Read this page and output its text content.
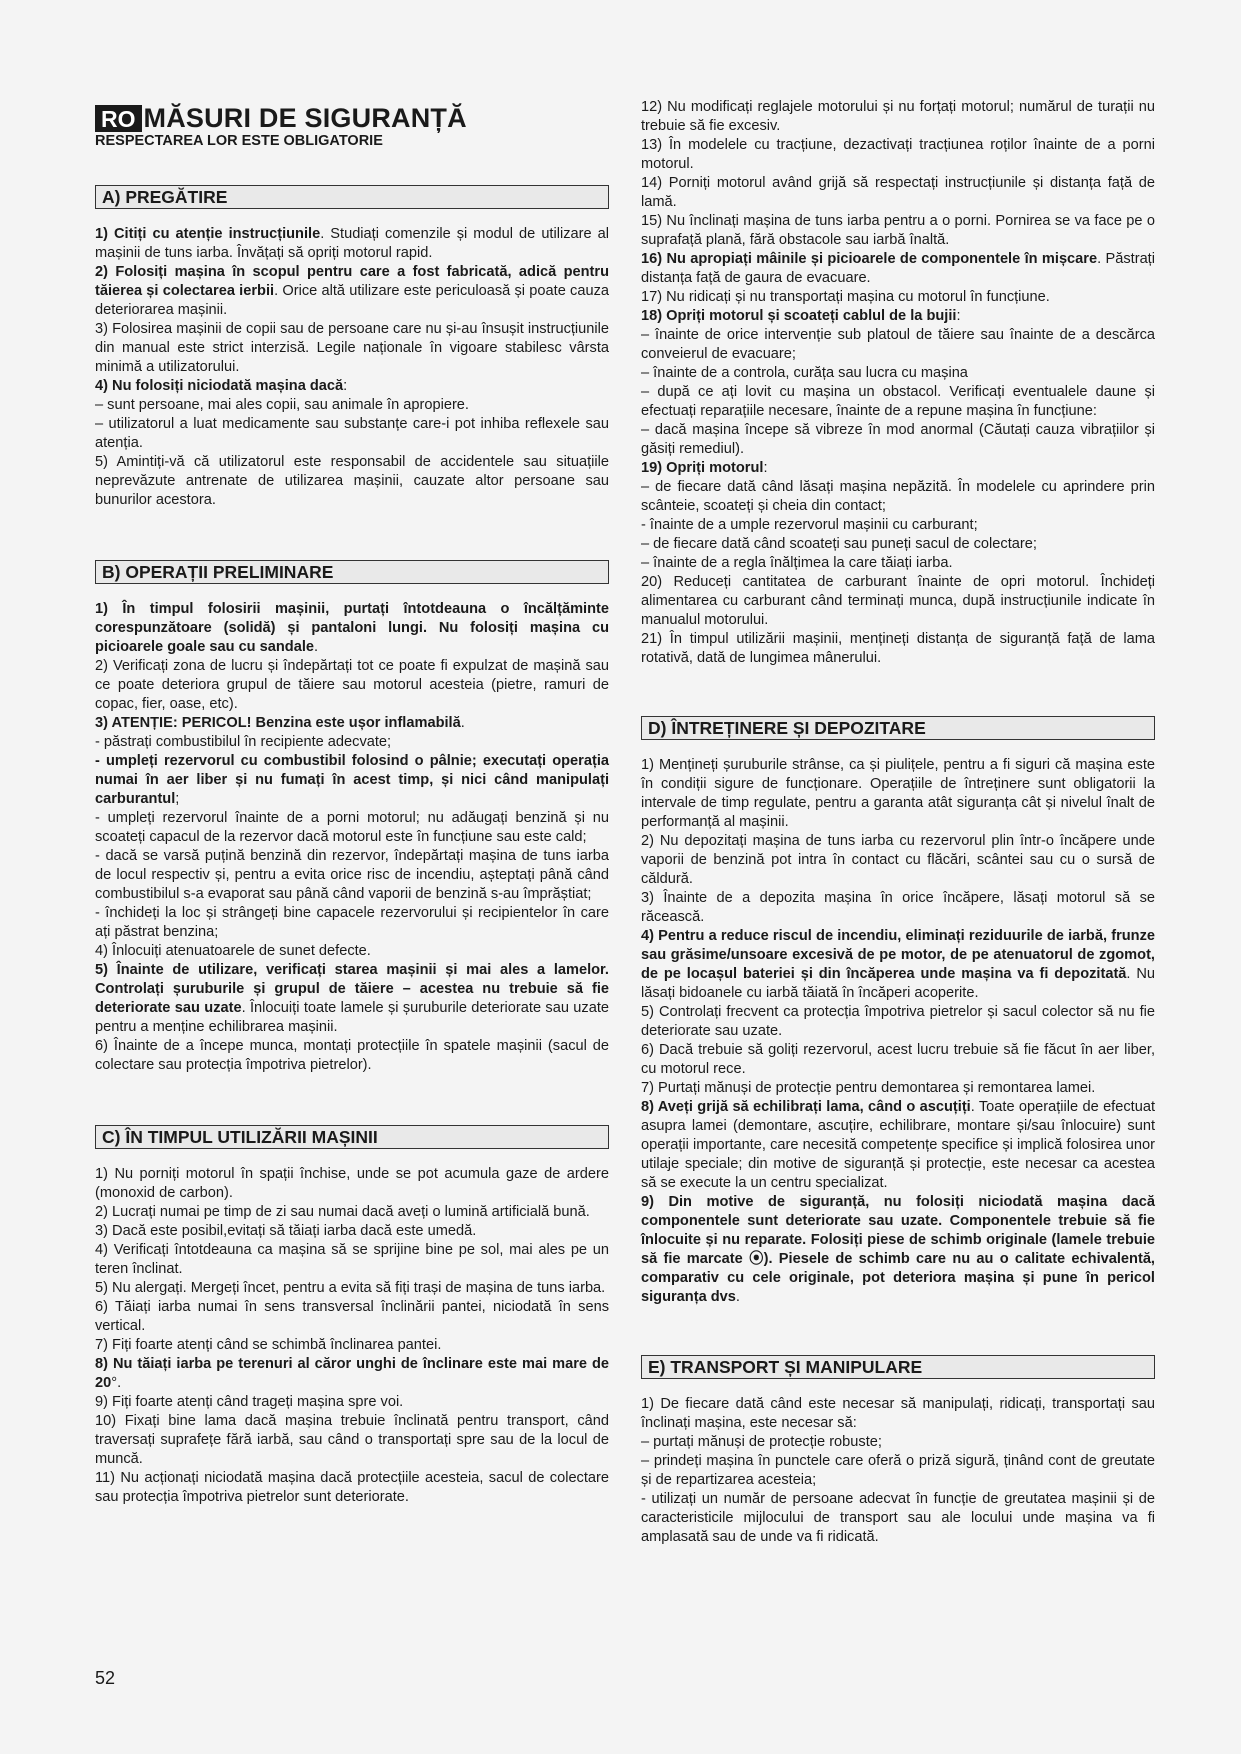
RO MĂSURI DE SIGURANȚĂ
RESPECTAREA LOR ESTE OBLIGATORIE
A) PREGĂTIRE

1) Citiți cu atenție instrucțiunile. Studiați comenzile și modul de utilizare al mașinii de tuns iarba. Învățați să opriți motorul rapid.

2) Folosiți mașina în scopul pentru care a fost fabricată, adică pentru tăierea și colectarea ierbii. Orice altă utilizare este periculoasă și poate cauza deteriorarea mașinii.

3) Folosirea mașinii de copii sau de persoane care nu și-au însușit instrucțiunile din manual este strict interzisă. Legile naționale în vigoare stabilesc vârsta minimă a utilizatorului.

4) Nu folosiți niciodată mașina dacă:

– sunt persoane, mai ales copii, sau animale în apropiere.

– utilizatorul a luat medicamente sau substanțe care-i pot inhiba reflexele sau atenția.

5) Amintiți-vă că utilizatorul este responsabil de accidentele sau situațiile neprevăzute antrenate de utilizarea mașinii, cauzate altor persoane sau bunurilor acestora.

B) OPERAȚII PRELIMINARE

1) În timpul folosirii mașinii, purtați întotdeauna o încălțăminte corespunzătoare (solidă) și pantaloni lungi. Nu folosiți mașina cu picioarele goale sau cu sandale.

2) Verificați zona de lucru și îndepărtați tot ce poate fi expulzat de mașină sau ce poate deteriora grupul de tăiere sau motorul acesteia (pietre, ramuri de copac, fier, oase, etc).

3) ATENȚIE: PERICOL! Benzina este ușor inflamabilă.

- păstrați combustibilul în recipiente adecvate;

- umpleți rezervorul cu combustibil folosind o pâlnie; executați operația numai în aer liber și nu fumați în acest timp, și nici când manipulați carburantul;

- umpleți rezervorul înainte de a porni motorul; nu adăugați benzină și nu scoateți capacul de la rezervor dacă motorul este în funcțiune sau este cald;

- dacă se varsă puțină benzină din rezervor, îndepărtați mașina de tuns iarba de locul respectiv și, pentru a evita orice risc de incendiu, așteptați până când combustibilul s-a evaporat sau până când vaporii de benzină s-au împrăștiat;

- închideți la loc și strângeți bine capacele rezervorului și recipientelor în care ați păstrat benzina;

4) Înlocuiți atenuatoarele de sunet defecte.

5) Înainte de utilizare, verificați starea mașinii și mai ales a lamelor. Controlați șuruburile și grupul de tăiere – acestea nu trebuie să fie deteriorate sau uzate. Înlocuiți toate lamele și șuruburile deteriorate sau uzate pentru a menține echilibrarea mașinii.

6) Înainte de a începe munca, montați protecțiile în spatele mașinii (sacul de colectare sau protecția împotriva pietrelor).

C) ÎN TIMPUL UTILIZĂRII MAȘINII

1) Nu porniți motorul în spații închise, unde se pot acumula gaze de ardere (monoxid de carbon).

2) Lucrați numai pe timp de zi sau numai dacă aveți o lumină artificială bună.

3) Dacă este posibil,evitați să tăiați iarba dacă este umedă.

4) Verificați întotdeauna ca mașina să se sprijine bine pe sol, mai ales pe un teren înclinat.

5) Nu alergați. Mergeți încet, pentru a evita să fiți trași de mașina de tuns iarba.

6) Tăiați iarba numai în sens transversal înclinării pantei, niciodată în sens vertical.

7) Fiți foarte atenți când se schimbă înclinarea pantei.

8) Nu tăiați iarba pe terenuri al căror unghi de înclinare este mai mare de 20°.

9) Fiți foarte atenți când trageți mașina spre voi.

10) Fixați bine lama dacă mașina trebuie înclinată pentru transport, când traversați suprafețe fără iarbă, sau când o transportați spre sau de la locul de muncă.

11) Nu acționați niciodată mașina dacă protecțiile acesteia, sacul de colectare sau protecția împotriva pietrelor sunt deteriorate.

12) Nu modificați reglajele motorului și nu forțați motorul; numărul de turații nu trebuie să fie excesiv.

13) În modelele cu tracțiune, dezactivați tracțiunea roților înainte de a porni motorul.

14) Porniți motorul având grijă să respectați instrucțiunile și distanța față de lamă.

15) Nu înclinați mașina de tuns iarba pentru a o porni. Pornirea se va face pe o suprafață plană, fără obstacole sau iarbă înaltă.

16) Nu apropiați mâinile și picioarele de componentele în mișcare. Păstrați distanța față de gaura de evacuare.

17) Nu ridicați și nu transportați mașina cu motorul în funcțiune.

18) Opriți motorul și scoateți cablul de la bujii:

– înainte de orice intervenție sub platoul de tăiere sau înainte de a descărca conveierul de evacuare;

– înainte de a controla, curăța sau lucra cu mașina

– după ce ați lovit cu mașina un obstacol. Verificați eventualele daune și efectuați reparațiile necesare, înainte de a repune mașina în funcțiune:

– dacă mașina începe să vibreze în mod anormal (Căutați cauza vibrațiilor și găsiți remediul).

19) Opriți motorul:

– de fiecare dată când lăsați mașina nepăzită. În modelele cu aprindere prin scânteie, scoateți și cheia din contact;

- înainte de a umple rezervorul mașinii cu carburant;

– de fiecare dată când scoateți sau puneți sacul de colectare;

– înainte de a regla înălțimea la care tăiați iarba.

20) Reduceți cantitatea de carburant înainte de opri motorul. Închideți alimentarea cu carburant când terminați munca, după instrucțiunile indicate în manualul motorului.

21) În timpul utilizării mașinii, mențineți distanța de siguranță față de lama rotativă, dată de lungimea mânerului.

D) ÎNTREȚINERE ȘI DEPOZITARE

1) Mențineți șuruburile strânse, ca și piulițele, pentru a fi siguri că mașina este în condiții sigure de funcționare. Operațiile de întreținere sunt obligatorii la intervale de timp regulate, pentru a garanta atât siguranța cât și nivelul înalt de performanță al mașinii.

2) Nu depozitați mașina de tuns iarba cu rezervorul plin într-o încăpere unde vaporii de benzină pot intra în contact cu flăcări, scântei sau cu o sursă de căldură.

3) Înainte de a depozita mașina în orice încăpere, lăsați motorul să se răcească.

4) Pentru a reduce riscul de incendiu, eliminați reziduurile de iarbă, frunze sau grăsime/unsoare excesivă de pe motor, de pe atenuatorul de zgomot, de pe locașul bateriei și din încăperea unde mașina va fi depozitată. Nu lăsați bidoanele cu iarbă tăiată în încăperi acoperite.

5) Controlați frecvent ca protecția împotriva pietrelor și sacul colector să nu fie deteriorate sau uzate.

6) Dacă trebuie să goliți rezervorul, acest lucru trebuie să fie făcut în aer liber, cu motorul rece.

7) Purtați mănuși de protecție pentru demontarea și remontarea lamei.

8) Aveți grijă să echilibrați lama, când o ascuțiți. Toate operațiile de efectuat asupra lamei (demontare, ascuțire, echilibrare, montare și/sau înlocuire) sunt operații importante, care necesită competențe specifice și implică folosirea unor utilaje speciale; din motive de siguranță și protecție, este necesar ca acestea să se execute la un centru specializat.

9) Din motive de siguranță, nu folosiți niciodată mașina dacă componentele sunt deteriorate sau uzate. Componentele trebuie să fie înlocuite și nu reparate. Folosiți piese de schimb originale (lamele trebuie să fie marcate ⦿). Piesele de schimb care nu au o calitate echivalentă, comparativ cu cele originale, pot deteriora mașina și pune în pericol siguranța dvs.

E) TRANSPORT ȘI MANIPULARE

1) De fiecare dată când este necesar să manipulați, ridicați, transportați sau înclinați mașina, este necesar să:

– purtați mănuși de protecție robuste;

– prindeți mașina în punctele care oferă o priză sigură, ținând cont de greutate și de repartizarea acesteia;

- utilizați un număr de persoane adecvat în funcție de greutatea mașinii și de caracteristicile mijlocului de transport sau ale locului unde mașina va fi amplasată sau de unde va fi ridicată.

52
